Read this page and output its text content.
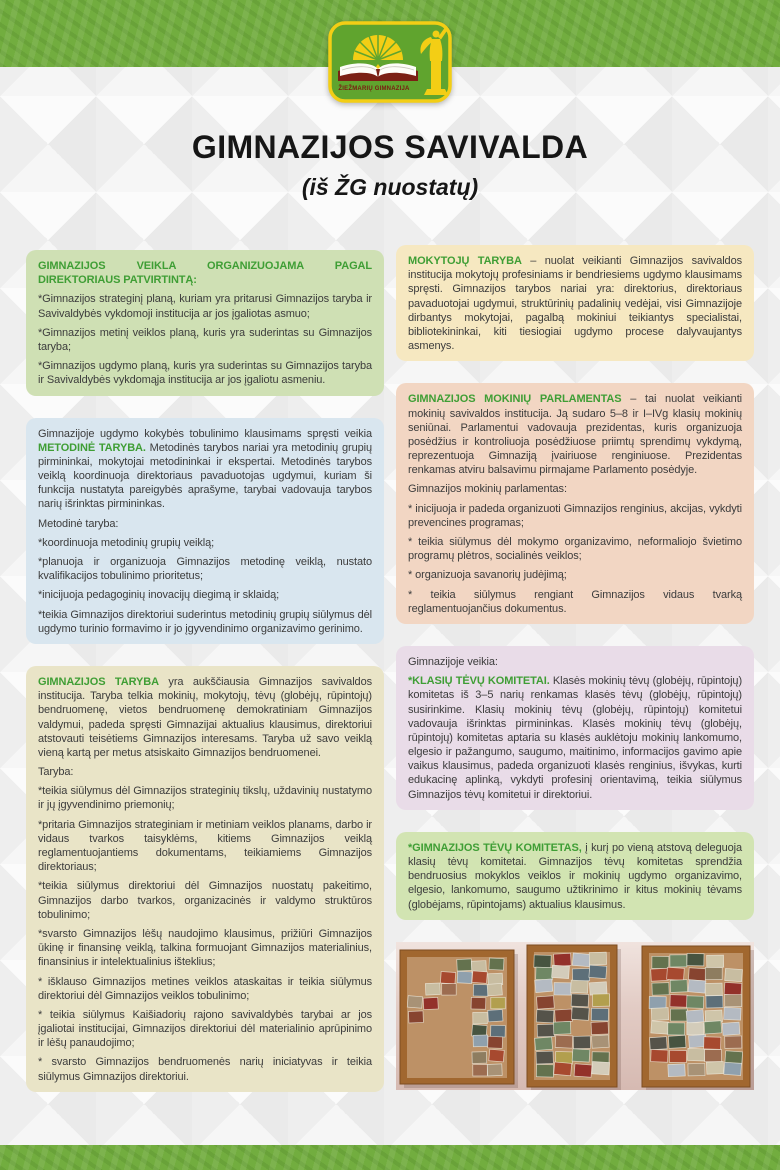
ŽIEŽMARIŲ GIMNAZIJA
GIMNAZIJOS SAVIVALDA
(iš ŽG nuostatų)
GIMNAZIJOS VEIKLA ORGANIZUOJAMA PAGAL DIREKTORIAUS PATVIRTINTĄ:

*Gimnazijos strateginį planą, kuriam yra pritarusi Gimnazijos taryba ir Savivaldybės vykdomoji institucija ar jos įgaliotas asmuo;

*Gimnazijos metinį veiklos planą, kuris yra suderintas su Gimnazijos taryba;

*Gimnazijos ugdymo planą, kuris yra suderintas su Gimnazijos taryba ir Savivaldybės vykdomąja institucija ar jos įgaliotu asmeniu.

Gimnazijoje ugdymo kokybės tobulinimo klausimams spręsti veikia METODINĖ TARYBA. Metodinės tarybos nariai yra metodinių grupių pirmininkai, mokytojai metodininkai ir ekspertai. Metodinės tarybos veiklą koordinuoja direktoriaus pavaduotojas ugdymui, kuriam ši funkcija nustatyta pareigybės aprašyme, tarybai vadovauja tarybos narių išrinktas pirmininkas.

Metodinė taryba:

*koordinuoja metodinių grupių veiklą;

*planuoja ir organizuoja Gimnazijos metodinę veiklą, nustato kvalifikacijos tobulinimo prioritetus;

*inicijuoja pedagoginių inovacijų diegimą ir sklaidą;

*teikia Gimnazijos direktoriui suderintus metodinių grupių siūlymus dėl ugdymo turinio formavimo ir jo įgyvendinimo organizavimo gerinimo.

GIMNAZIJOS TARYBA yra aukščiausia Gimnazijos savivaldos institucija. Taryba telkia mokinių, mokytojų, tėvų (globėjų, rūpintojų) bendruomenę, vietos bendruomenę demokratiniam Gimnazijos valdymui, padeda spręsti Gimnazijai aktualius klausimus, direktoriui atstovauti teisėtiems Gimnazijos interesams. Taryba už savo veiklą vieną kartą per metus atsiskaito Gimnazijos bendruomenei.

Taryba:

*teikia siūlymus dėl Gimnazijos strateginių tikslų, uždavinių nustatymo ir jų įgyvendinimo priemonių;

*pritaria Gimnazijos strateginiam ir metiniam veiklos planams, darbo ir vidaus tvarkos taisyklėms, kitiems Gimnazijos veiklą reglamentuojantiems dokumentams, teikiamiems Gimnazijos direktoriaus;

*teikia siūlymus direktoriui dėl Gimnazijos nuostatų pakeitimo, Gimnazijos darbo tvarkos, organizacinės ir valdymo struktūros tobulinimo;

*svarsto Gimnazijos lėšų naudojimo klausimus, prižiūri Gimnazijos ūkinę ir finansinę veiklą, talkina formuojant Gimnazijos materialinius, finansinius ir intelektualinius išteklius;

* išklauso Gimnazijos metines veiklos ataskaitas ir teikia siūlymus direktoriui dėl Gimnazijos veiklos tobulinimo;

* teikia siūlymus Kaišiadorių rajono savivaldybės tarybai ar jos įgaliotai institucijai, Gimnazijos direktoriui dėl materialinio aprūpinimo ir lėšų panaudojimo;

* svarsto Gimnazijos bendruomenės narių iniciatyvas ir teikia siūlymus Gimnazijos direktoriui.

MOKYTOJŲ TARYBA – nuolat veikianti Gimnazijos savivaldos institucija mokytojų profesiniams ir bendriesiems ugdymo klausimams spręsti. Gimnazijos tarybos nariai yra: direktorius, direktoriaus pavaduotojai ugdymui, struktūrinių padalinių vedėjai, visi Gimnazijoje dirbantys mokytojai, pagalbą mokiniui teikiantys specialistai, bibliotekininkai, kiti tiesiogiai ugdymo procese dalyvaujantys asmenys.

GIMNAZIJOS MOKINIŲ PARLAMENTAS – tai nuolat veikianti mokinių savivaldos institucija. Ją sudaro 5–8 ir I–IVg klasių mokinių seniūnai. Parlamentui vadovauja prezidentas, kuris organizuoja posėdžius ir kontroliuoja posėdžiuose priimtų sprendimų vykdymą, reprezentuoja Gimnaziją įvairiuose renginiuose. Prezidentas renkamas atviru balsavimu pirmajame Parlamento posėdyje.

Gimnazijos mokinių parlamentas:

* inicijuoja ir padeda organizuoti Gimnazijos renginius, akcijas, vykdyti prevencines programas;

* teikia siūlymus dėl mokymo organizavimo, neformaliojo švietimo programų plėtros, socialinės veiklos;

* organizuoja savanorių judėjimą;

* teikia siūlymus rengiant Gimnazijos vidaus tvarką reglamentuojančius dokumentus.

Gimnazijoje veikia:

*KLASIŲ TĖVŲ KOMITETAI. Klasės mokinių tėvų (globėjų, rūpintojų) komitetas iš 3–5 narių renkamas klasės tėvų (globėjų, rūpintojų) susirinkime. Klasių mokinių tėvų (globėjų, rūpintojų) komitetui vadovauja išrinktas pirmininkas. Klasės mokinių tėvų (globėjų, rūpintojų) komitetas aptaria su klasės auklėtoju mokinių lankomumo, elgesio ir pažangumo, saugumo, maitinimo, informacijos gavimo apie vaikus klausimus, padeda organizuoti klasės renginius, išvykas, kurti edukacinę aplinką, vykdyti profesinį orientavimą, teikia siūlymus Gimnazijos tėvų komitetui ir direktoriui.

*GIMNAZIJOS TĖVŲ KOMITETAS, į kurį po vieną atstovą deleguoja klasių tėvų komitetai. Gimnazijos tėvų komitetas sprendžia bendruosius mokyklos veiklos ir mokinių ugdymo organizavimo, elgesio, lankomumo, saugumo užtikrinimo ir kitus mokinių tėvams (globėjams, rūpintojams) aktualius klausimus.
